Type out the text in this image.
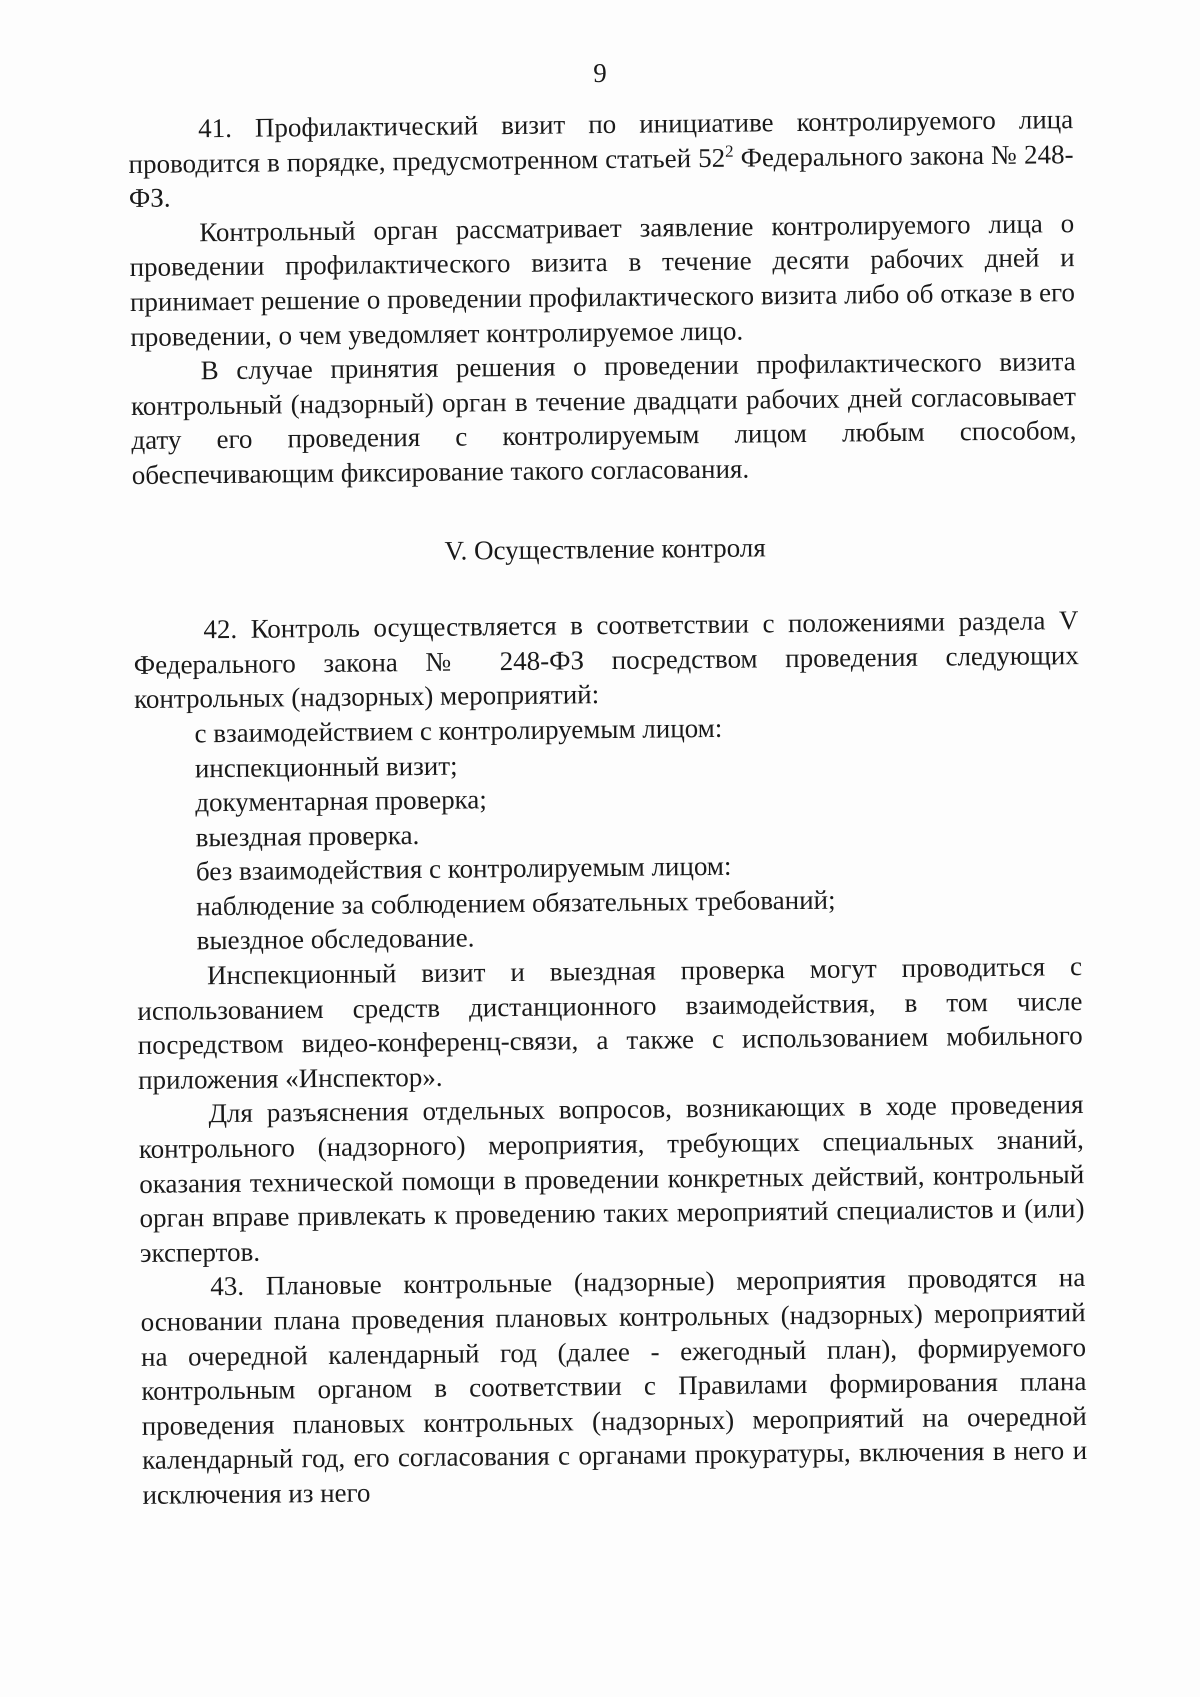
9

41. Профилактический визит по инициативе контролируемого лица проводится в порядке, предусмотренном статьей $52^2$ Федерального закона № 248-ФЗ.

Контрольный орган рассматривает заявление контролируемого лица о проведении профилактического визита в течение десяти рабочих дней и принимает решение о проведении профилактического визита либо об отказе в его проведении, о чем уведомляет контролируемое лицо.

В случае принятия решения о проведении профилактического визита контрольный (надзорный) орган в течение двадцати рабочих дней согласовывает дату его проведения с контролируемым лицом любым способом, обеспечивающим фиксирование такого согласования.

V. Осуществление контроля

42. Контроль осуществляется в соответствии с положениями раздела V Федерального закона № 248-ФЗ посредством проведения следующих контрольных (надзорных) мероприятий:

с взаимодействием с контролируемым лицом:

инспекционный визит;

документарная проверка;

выездная проверка.

без взаимодействия с контролируемым лицом:

наблюдение за соблюдением обязательных требований;

выездное обследование.

Инспекционный визит и выездная проверка могут проводиться с использованием средств дистанционного взаимодействия, в том числе посредством видео-конференц-связи, а также с использованием мобильного приложения «Инспектор».

Для разъяснения отдельных вопросов, возникающих в ходе проведения контрольного (надзорного) мероприятия, требующих специальных знаний, оказания технической помощи в проведении конкретных действий, контрольный орган вправе привлекать к проведению таких мероприятий специалистов и (или) экспертов.

43. Плановые контрольные (надзорные) мероприятия проводятся на основании плана проведения плановых контрольных (надзорных) мероприятий на очередной календарный год (далее - ежегодный план), формируемого контрольным органом в соответствии с Правилами формирования плана проведения плановых контрольных (надзорных) мероприятий на очередной календарный год, его согласования с органами прокуратуры, включения в него и исключения из него
